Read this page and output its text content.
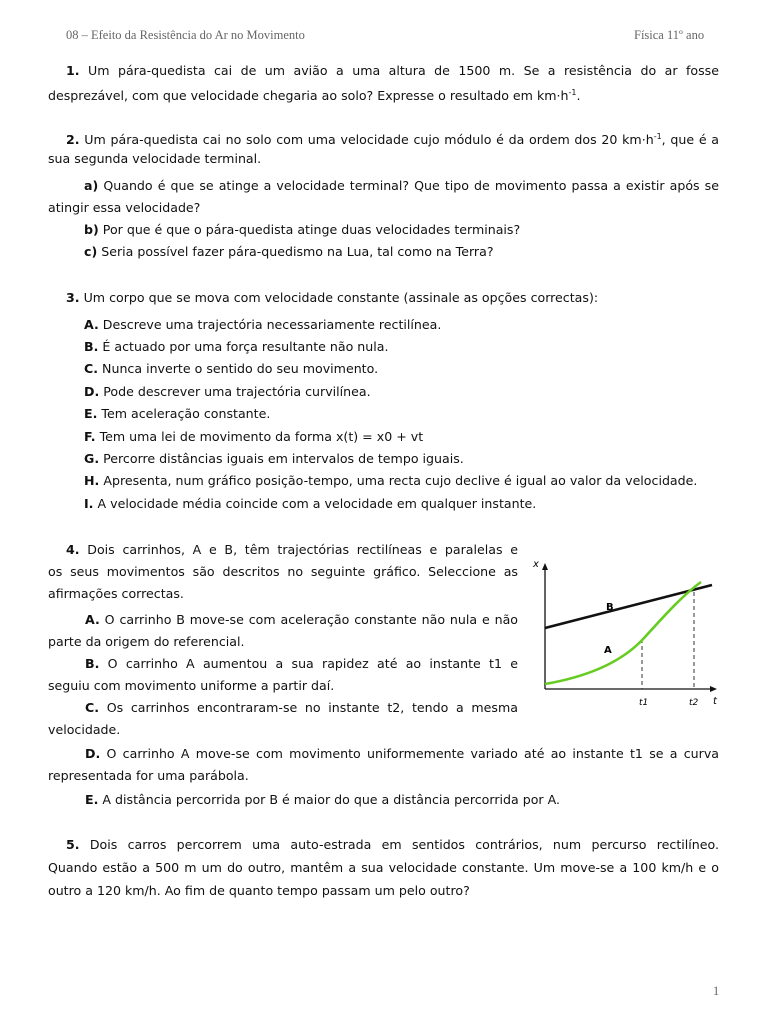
08 – Efeito da Resistência do Ar no Movimento	Física 11º ano
1. Um pára-quedista cai de um avião a uma altura de 1500 m. Se a resistência do ar fosse
desprezável, com que velocidade chegaria ao solo? Expresse o resultado em $km\cdot h^{-1}$.
2. Um pára-quedista cai no solo com uma velocidade cujo módulo é da ordem dos 20 $km\cdot h^{-1}$, que é a
sua segunda velocidade terminal.
a) Quando é que se atinge a velocidade terminal? Que tipo de movimento passa a existir após se
atingir essa velocidade?
b) Por que é que o pára-quedista atinge duas velocidades terminais?
c) Seria possível fazer pára-quedismo na Lua, tal como na Terra?
3. Um corpo que se mova com velocidade constante (assinale as opções correctas):
A. Descreve uma trajectória necessariamente rectilínea.
B. É actuado por uma força resultante não nula.
C. Nunca inverte o sentido do seu movimento.
D. Pode descrever uma trajectória curvilínea.
E. Tem aceleração constante.
F. Tem uma lei de movimento da forma x(t) = x0 + vt
G. Percorre distâncias iguais em intervalos de tempo iguais.
H. Apresenta, num gráfico posição-tempo, uma recta cujo declive é igual ao valor da velocidade.
I. A velocidade média coincide com a velocidade em qualquer instante.
4. Dois carrinhos, A e B, têm trajectórias rectilíneas e paralelas e
os seus movimentos são descritos no seguinte gráfico. Seleccione as
afirmações correctas.
A. O carrinho B move-se com aceleração constante não nula e não
parte da origem do referencial.
B. O carrinho A aumentou a sua rapidez até ao instante t1 e
seguiu com movimento uniforme a partir daí.
C. Os carrinhos encontraram-se no instante t2, tendo a mesma
velocidade.
D. O carrinho A move-se com movimento uniformemente variado até ao instante t1 se a curva
representada for uma parábola.
E. A distância percorrida por B é maior do que a distância percorrida por A.
x
t
B
A
t1	t2
5. Dois carros percorrem uma auto-estrada em sentidos contrários, num percurso rectilíneo.
Quando estão a 500 m um do outro, mantêm a sua velocidade constante. Um move-se a 100 km/h e o
outro a 120 km/h. Ao fim de quanto tempo passam um pelo outro?
1
